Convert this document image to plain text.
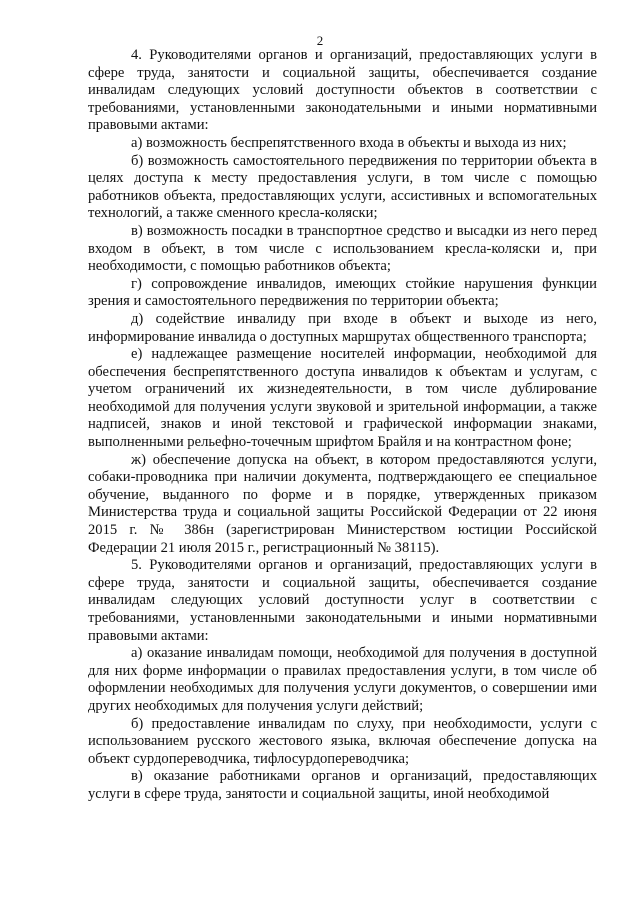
2

4. Руководителями органов и организаций, предоставляющих услуги в сфере труда, занятости и социальной защиты, обеспечивается создание инвалидам следующих условий доступности объектов в соответствии с требованиями, установленными законодательными и иными нормативными правовыми актами:

а) возможность беспрепятственного входа в объекты и выхода из них;

б) возможность самостоятельного передвижения по территории объекта в целях доступа к месту предоставления услуги, в том числе с помощью работников объекта, предоставляющих услуги, ассистивных и вспомогательных технологий, а также сменного кресла-коляски;

в) возможность посадки в транспортное средство и высадки из него перед входом в объект, в том числе с использованием кресла-коляски и, при необходимости, с помощью работников объекта;

г) сопровождение инвалидов, имеющих стойкие нарушения функции зрения и самостоятельного передвижения по территории объекта;

д) содействие инвалиду при входе в объект и выходе из него, информирование инвалида о доступных маршрутах общественного транспорта;

е) надлежащее размещение носителей информации, необходимой для обеспечения беспрепятственного доступа инвалидов к объектам и услугам, с учетом ограничений их жизнедеятельности, в том числе дублирование необходимой для получения услуги звуковой и зрительной информации, а также надписей, знаков и иной текстовой и графической информации знаками, выполненными рельефно-точечным шрифтом Брайля и на контрастном фоне;

ж) обеспечение допуска на объект, в котором предоставляются услуги, собаки-проводника при наличии документа, подтверждающего ее специальное обучение, выданного по форме и в порядке, утвержденных приказом Министерства труда и социальной защиты Российской Федерации от 22 июня 2015 г. № 386н (зарегистрирован Министерством юстиции Российской Федерации 21 июля 2015 г., регистрационный № 38115).

5. Руководителями органов и организаций, предоставляющих услуги в сфере труда, занятости и социальной защиты, обеспечивается создание инвалидам следующих условий доступности услуг в соответствии с требованиями, установленными законодательными и иными нормативными правовыми актами:

а) оказание инвалидам помощи, необходимой для получения в доступной для них форме информации о правилах предоставления услуги, в том числе об оформлении необходимых для получения услуги документов, о совершении ими других необходимых для получения услуги действий;

б) предоставление инвалидам по слуху, при необходимости, услуги с использованием русского жестового языка, включая обеспечение допуска на объект сурдопереводчика, тифлосурдопереводчика;

в) оказание работниками органов и организаций, предоставляющих услуги в сфере труда, занятости и социальной защиты, иной необходимой
